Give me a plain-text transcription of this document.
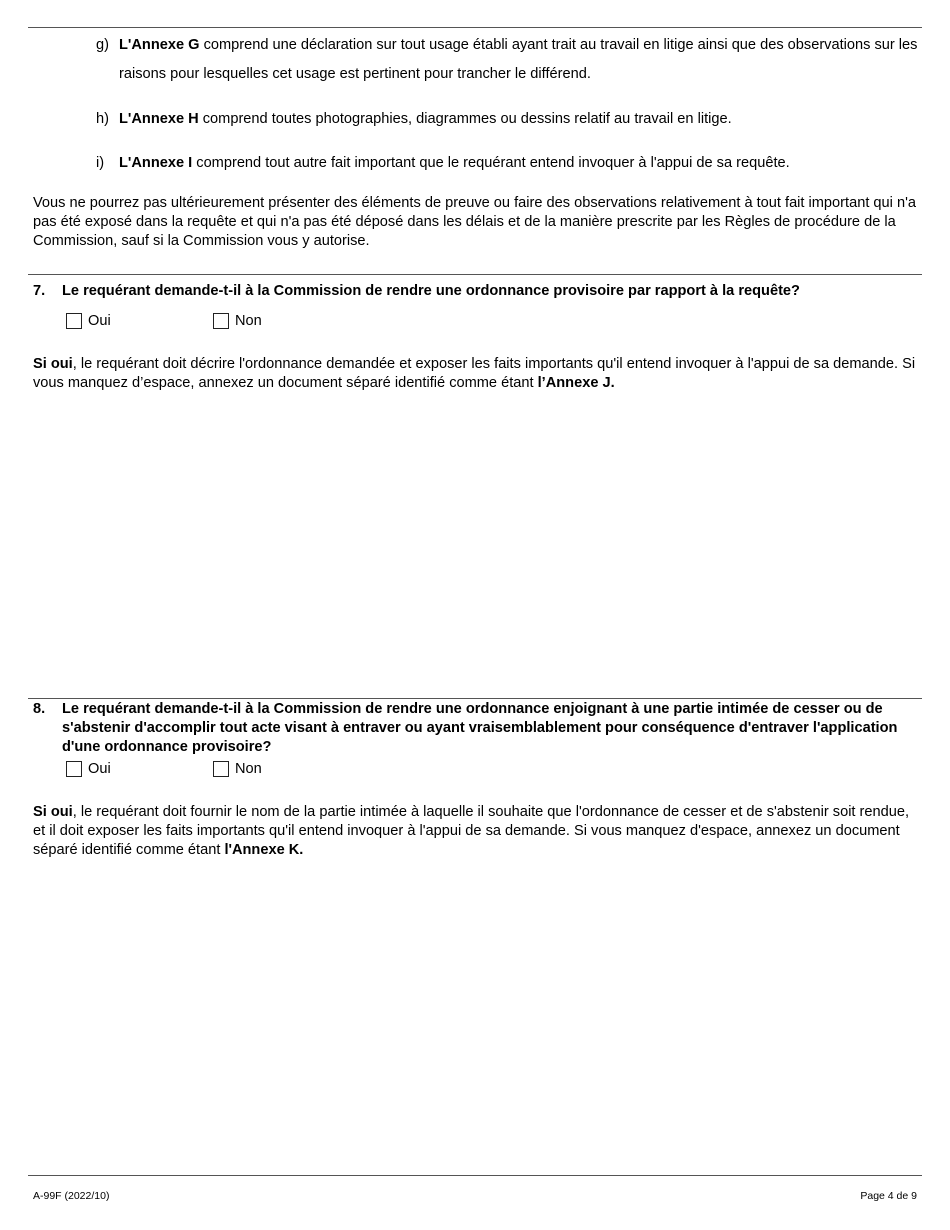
g) L'Annexe G comprend une déclaration sur tout usage établi ayant trait au travail en litige ainsi que des observations sur les raisons pour lesquelles cet usage est pertinent pour trancher le différend.
h) L'Annexe H comprend toutes photographies, diagrammes ou dessins relatif au travail en litige.
i) L'Annexe I comprend tout autre fait important que le requérant entend invoquer à l'appui de sa requête.
Vous ne pourrez pas ultérieurement présenter des éléments de preuve ou faire des observations relativement à tout fait important qui n'a pas été exposé dans la requête et qui n'a pas été déposé dans les délais et de la manière prescrite par les Règles de procédure de la Commission, sauf si la Commission vous y autorise.
7. Le requérant demande-t-il à la Commission de rendre une ordonnance provisoire par rapport à la requête?
Oui	Non
Si oui, le requérant doit décrire l'ordonnance demandée et exposer les faits importants qu'il entend invoquer à l'appui de sa demande. Si vous manquez d’espace, annexez un document séparé identifié comme étant l’Annexe J.
8. Le requérant demande-t-il à la Commission de rendre une ordonnance enjoignant à une partie intimée de cesser ou de s'abstenir d'accomplir tout acte visant à entraver ou ayant vraisemblablement pour conséquence d'entraver l'application d'une ordonnance provisoire?
Oui	Non
Si oui, le requérant doit fournir le nom de la partie intimée à laquelle il souhaite que l'ordonnance de cesser et de s'abstenir soit rendue, et il doit exposer les faits importants qu'il entend invoquer à l'appui de sa demande. Si vous manquez d'espace, annexez un document séparé identifié comme étant l'Annexe K.
A-99F (2022/10)	Page 4 de 9
